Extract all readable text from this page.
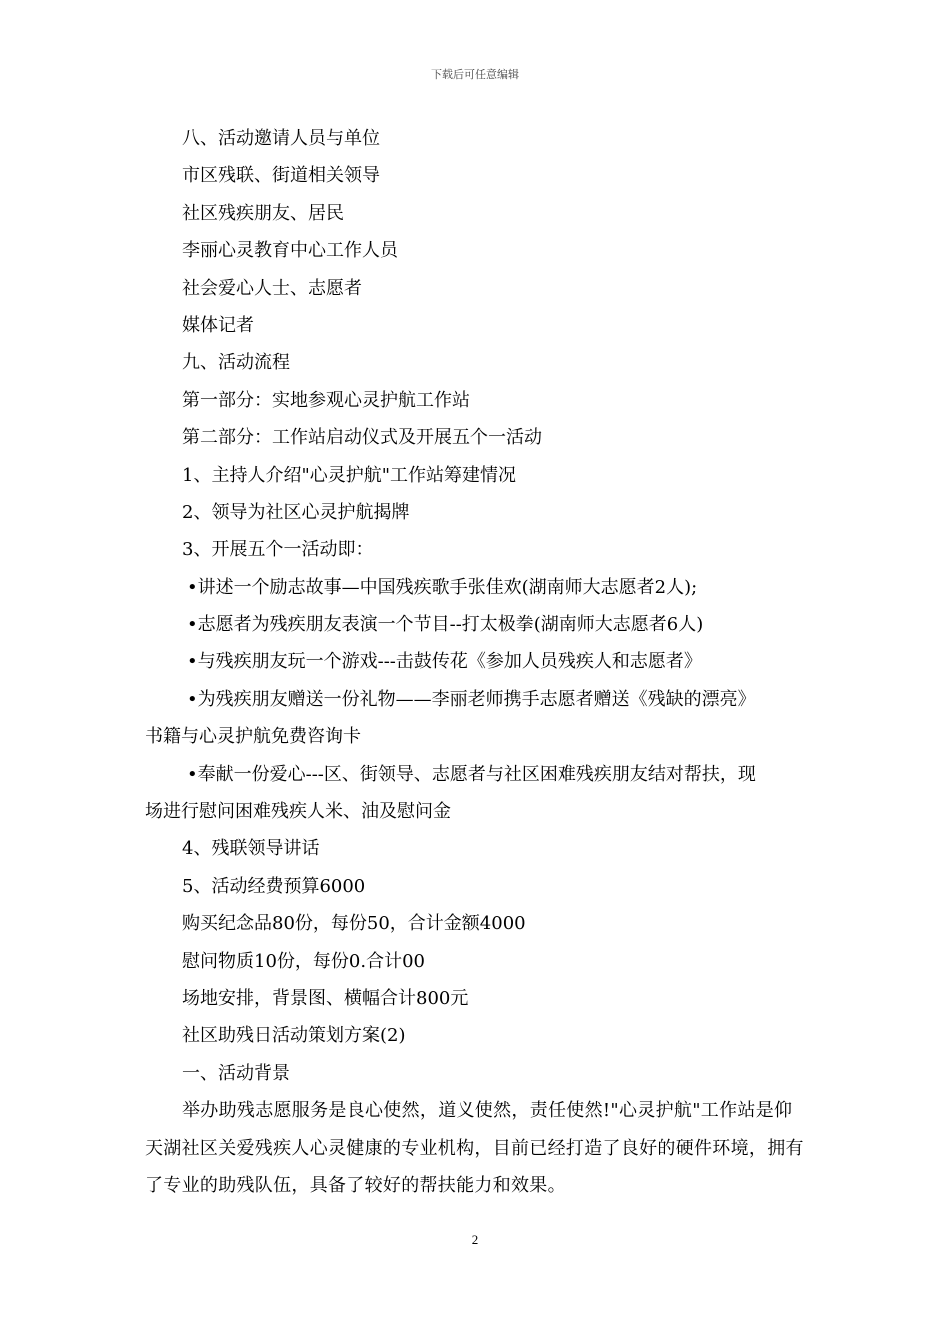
下载后可任意编辑

八、活动邀请人员与单位

市区残联、街道相关领导

社区残疾朋友、居民

李丽心灵教育中心工作人员

社会爱心人士、志愿者

媒体记者

九、活动流程

第一部分：实地参观心灵护航工作站

第二部分：工作站启动仪式及开展五个一活动

1、主持人介绍"心灵护航"工作站筹建情况

2、领导为社区心灵护航揭牌

3、开展五个一活动即：

•讲述一个励志故事—中国残疾歌手张佳欢(湖南师大志愿者2人);

•志愿者为残疾朋友表演一个节目--打太极拳(湖南师大志愿者6人)

•与残疾朋友玩一个游戏---击鼓传花《参加人员残疾人和志愿者》

•为残疾朋友赠送一份礼物——李丽老师携手志愿者赠送《残缺的漂亮》

书籍与心灵护航免费咨询卡

•奉献一份爱心---区、街领导、志愿者与社区困难残疾朋友结对帮扶，现

场进行慰问困难残疾人米、油及慰问金

4、残联领导讲话

5、活动经费预算6000

购买纪念品80份，每份50，合计金额4000

慰问物质10份，每份0.合计00

场地安排，背景图、横幅合计800元

社区助残日活动策划方案(2)

一、活动背景

举办助残志愿服务是良心使然，道义使然，责任使然!"心灵护航"工作站是仰天湖社区关爱残疾人心灵健康的专业机构，目前已经打造了良好的硬件环境，拥有了专业的助残队伍，具备了较好的帮扶能力和效果。

2
